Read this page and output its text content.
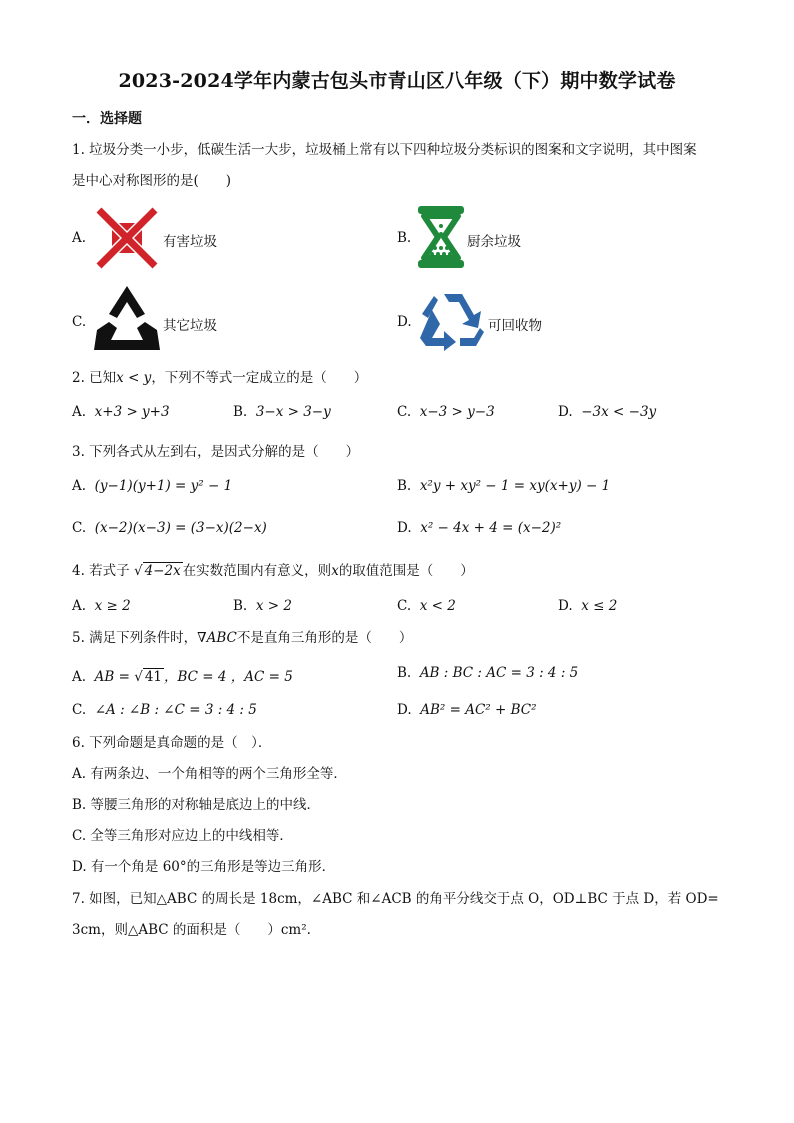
2023-2024学年内蒙古包头市青山区八年级（下）期中数学试卷
一．选择题
1. 垃圾分类一小步，低碳生活一大步，垃圾桶上常有以下四种垃圾分类标识的图案和文字说明，其中图案
是中心对称图形的是(　　)
A.	有害垃圾	B.	厨余垃圾
C.	其它垃圾	D.	可回收物
2. 已知x < y，下列不等式一定成立的是（　　）
A. x+3 > y+3	B. 3−x > 3−y	C. x−3 > y−3	D. −3x < −3y
3. 下列各式从左到右，是因式分解的是（　　）
A. (y−1)(y+1) = y² − 1	B. x²y + xy² − 1 = xy(x+y) − 1
C. (x−2)(x−3) = (3−x)(2−x)	D. x² − 4x + 4 = (x−2)²
4. 若式子 √ 4−2x 在实数范围内有意义，则x的取值范围是（　　）
A. x ≥ 2	B. x > 2	C. x < 2	D. x ≤ 2
5. 满足下列条件时，∇ABC不是直角三角形的是（　　）
A. AB = √ 41 ，BC = 4 ，AC = 5	B. AB : BC : AC = 3 : 4 : 5
C. ∠A : ∠B : ∠C = 3 : 4 : 5	D. AB² = AC² + BC²
6. 下列命题是真命题的是（　）．
A. 有两条边、一个角相等的两个三角形全等．
B. 等腰三角形的对称轴是底边上的中线．
C. 全等三角形对应边上的中线相等．
D. 有一个角是 60°的三角形是等边三角形．
7. 如图，已知△ABC 的周长是 18cm，∠ABC 和∠ACB 的角平分线交于点 O，OD⊥BC 于点 D，若 OD=
3cm，则△ABC 的面积是（　　）cm².
